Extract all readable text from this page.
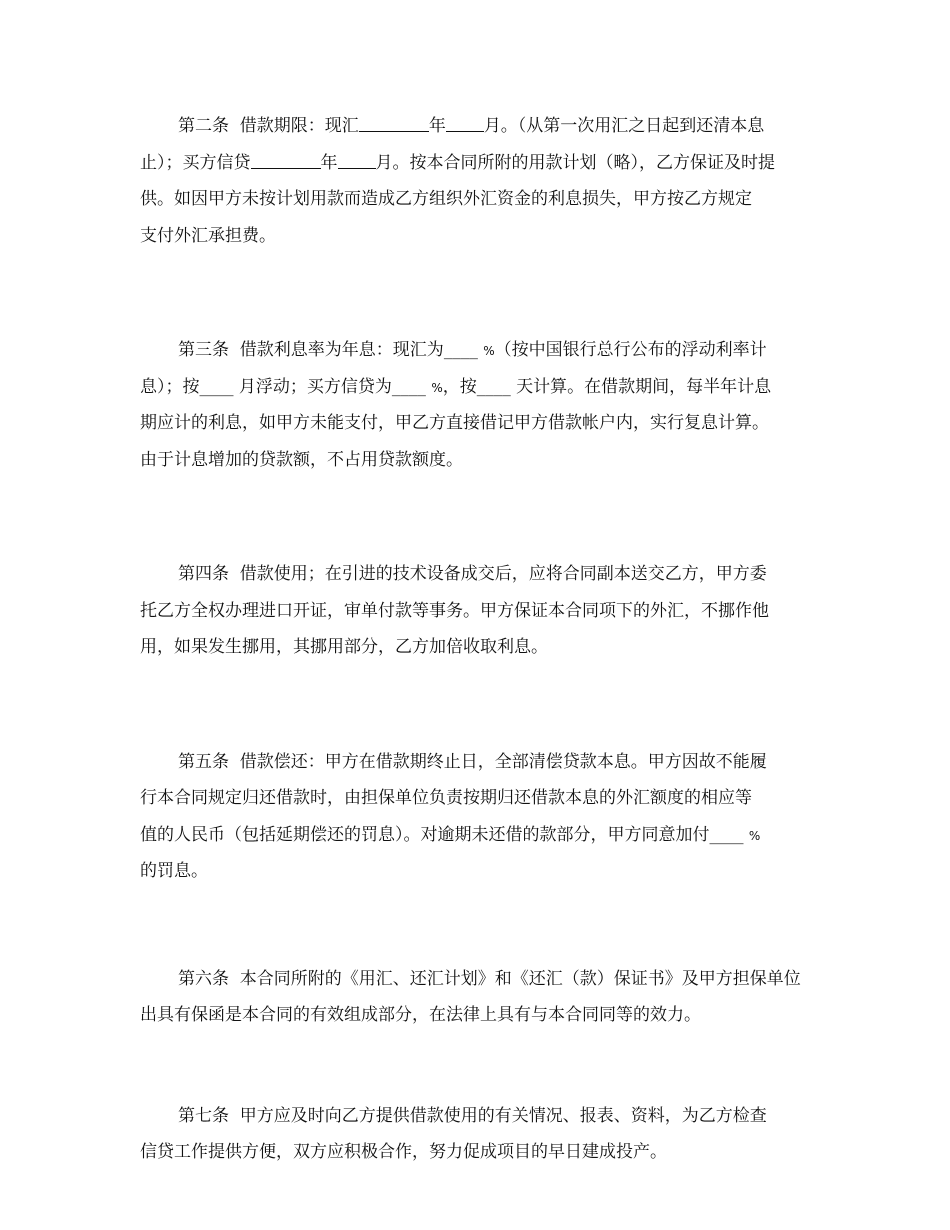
第二条  借款期限：现汇	年 月。（从第一次用汇之日起到还清本息
止）；买方信贷	年 月。按本合同所附的用款计划（略），乙方保证及时提
供。如因甲方未按计划用款而造成乙方组织外汇资金的利息损失，甲方按乙方规定
支付外汇承担费。
第三条  借款利息率为年息：现汇为____ %（按中国银行总行公布的浮动利率计
息）；按____ 月浮动；买方信贷为____ %，按____ 天计算。在借款期间，每半年计息
期应计的利息，如甲方未能支付，甲乙方直接借记甲方借款帐户内，实行复息计算。
由于计息增加的贷款额，不占用贷款额度。
第四条  借款使用；在引进的技术设备成交后，应将合同副本送交乙方，甲方委
托乙方全权办理进口开证，审单付款等事务。甲方保证本合同项下的外汇，不挪作他
用，如果发生挪用，其挪用部分，乙方加倍收取利息。
第五条  借款偿还：甲方在借款期终止日，全部清偿贷款本息。甲方因故不能履
行本合同规定归还借款时，由担保单位负责按期归还借款本息的外汇额度的相应等
值的人民币（包括延期偿还的罚息）。对逾期未还借的款部分，甲方同意加付____ %
的罚息。
第六条  本合同所附的《用汇、还汇计划》和《还汇（款）保证书》及甲方担保单位
出具有保函是本合同的有效组成部分，在法律上具有与本合同同等的效力。
第七条  甲方应及时向乙方提供借款使用的有关情况、报表、资料，为乙方检查
信贷工作提供方便，双方应积极合作，努力促成项目的早日建成投产。
